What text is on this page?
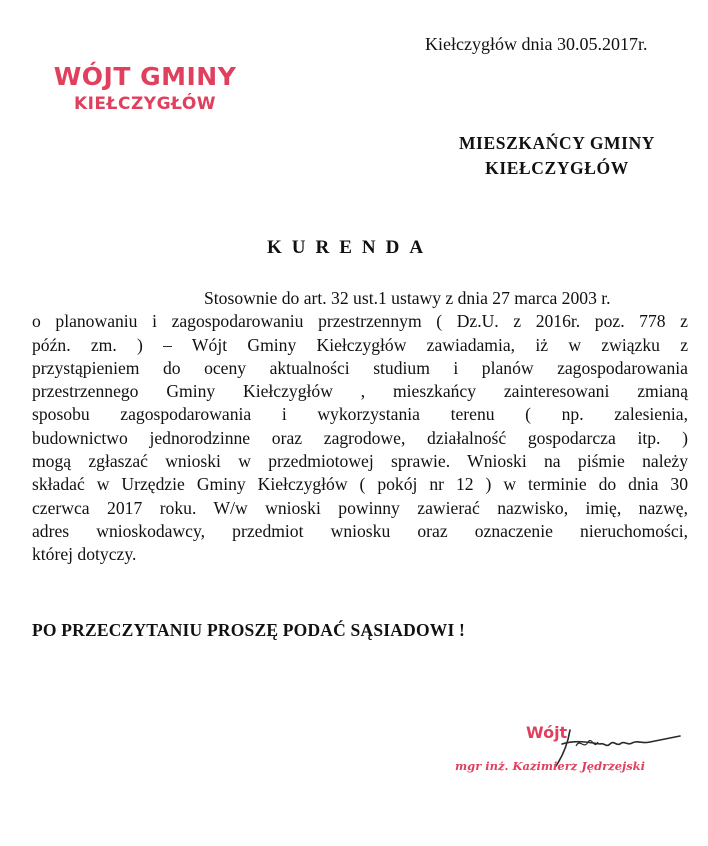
Kiełczygłów dnia 30.05.2017r.
WÓJT GMINY
KIEŁCZYGŁÓW
MIESZKAŃCY GMINY
KIEŁCZYGŁÓW
KURENDA
Stosownie do art. 32 ust.1 ustawy z dnia 27 marca 2003 r.
o planowaniu i zagospodarowaniu przestrzennym ( Dz.U. z 2016r. poz. 778 z
późn. zm. ) – Wójt Gminy Kiełczygłów zawiadamia, iż w związku z
przystąpieniem do oceny aktualności studium i planów zagospodarowania
przestrzennego Gminy Kiełczygłów , mieszkańcy zainteresowani zmianą
sposobu zagospodarowania i wykorzystania terenu ( np. zalesienia,
budownictwo jednorodzinne oraz zagrodowe, działalność gospodarcza itp. )
mogą zgłaszać wnioski w przedmiotowej sprawie. Wnioski na piśmie należy
składać w Urzędzie Gminy Kiełczygłów ( pokój nr 12 ) w terminie do dnia 30
czerwca 2017 roku. W/w wnioski powinny zawierać nazwisko, imię, nazwę,
adres wnioskodawcy, przedmiot wniosku oraz oznaczenie nieruchomości,
której dotyczy.
PO PRZECZYTANIU PROSZĘ PODAĆ SĄSIADOWI !
Wójt
mgr inż. Kazimierz Jędrzejski
